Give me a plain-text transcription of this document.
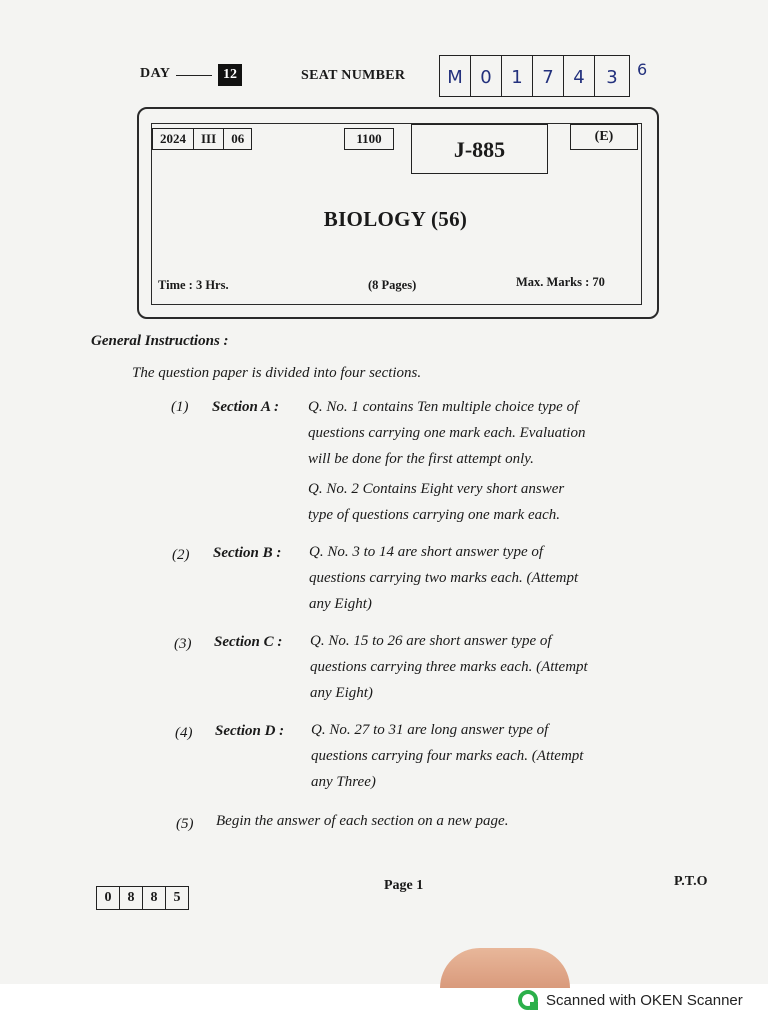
DAY	12	SEAT NUMBER	M 0	1	7	4	3	6
2024	III	06	1100	J-885
(E)
BIOLOGY (56)
Time : 3 Hrs.	(8 Pages)	Max. Marks : 70
General Instructions :
The question paper is divided into four sections.
(1) Section A : Q. No. 1 contains Ten multiple choice type of
questions carrying one mark each. Evaluation
will be done for the first attempt only.
Q. No. 2 Contains Eight very short answer
type of questions carrying one mark each.
(2) Section B : Q. No. 3 to 14 are short answer type of
questions carrying two marks each. (Attempt
any Eight)
(3) Section C : Q. No. 15 to 26 are short answer type of
questions carrying three marks each. (Attempt
any Eight)
(4) Section D : Q. No. 27 to 31 are long answer type of
questions carrying four marks each. (Attempt
any Three)
(5) Begin the answer of each section on a new page.
0	8	8	5
Page 1	P.T.O
Scanned with OKEN Scanner
